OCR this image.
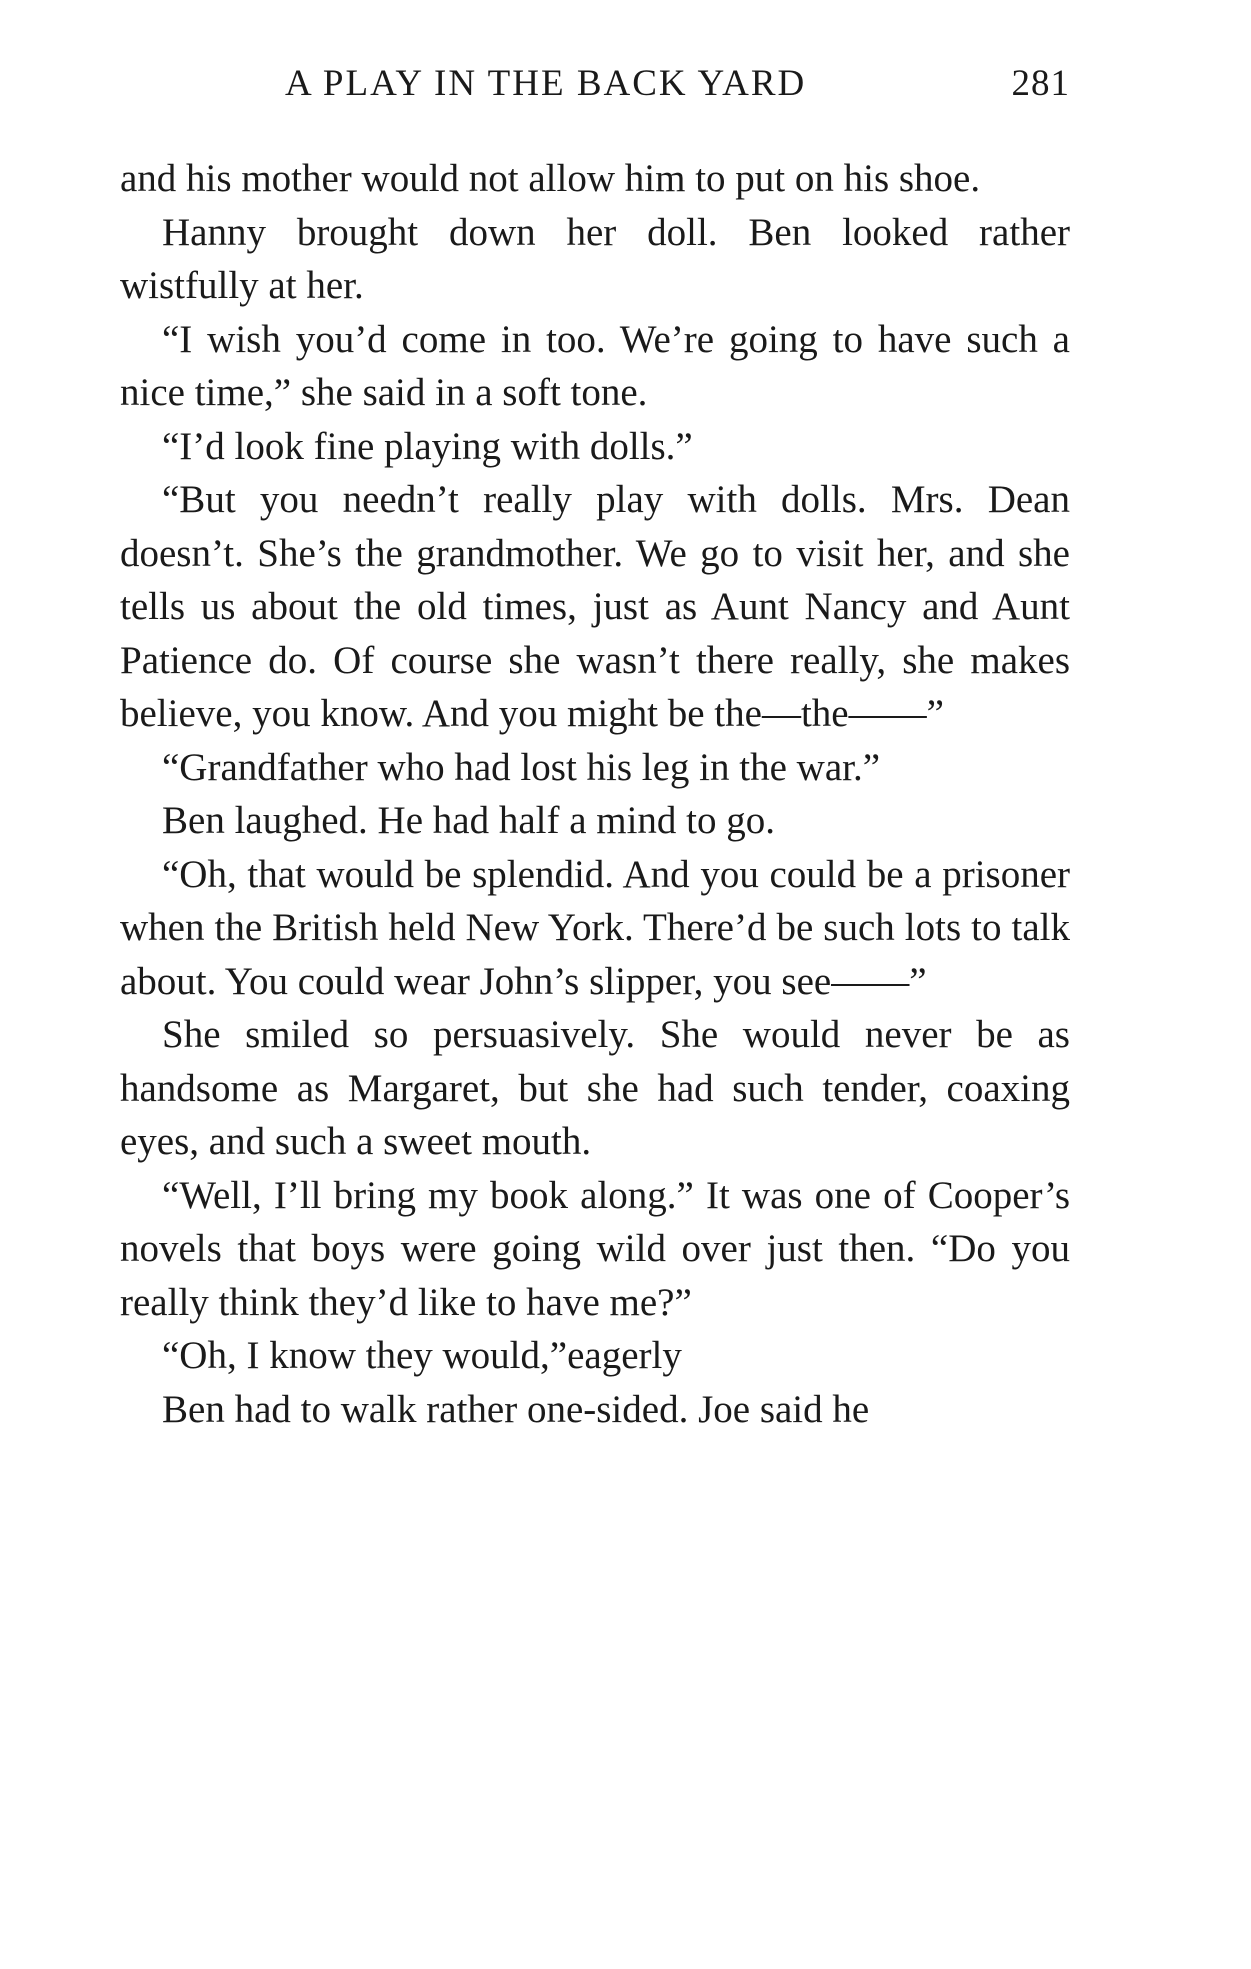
A PLAY IN THE BACK YARD	281

and his mother would not allow him to put on his shoe.

Hanny brought down her doll. Ben looked rather wistfully at her.

“I wish you’d come in too. We’re going to have such a nice time,” she said in a soft tone.

“I’d look fine playing with dolls.”

“But you needn’t really play with dolls. Mrs. Dean doesn’t. She’s the grandmother. We go to visit her, and she tells us about the old times, just as Aunt Nancy and Aunt Patience do. Of course she wasn’t there really, she makes believe, you know. And you might be the—the——”

“Grandfather who had lost his leg in the war.”

Ben laughed. He had half a mind to go.

“Oh, that would be splendid. And you could be a prisoner when the British held New York. There’d be such lots to talk about. You could wear John’s slipper, you see——”

She smiled so persuasively. She would never be as handsome as Margaret, but she had such tender, coaxing eyes, and such a sweet mouth.

“Well, I’ll bring my book along.” It was one of Cooper’s novels that boys were going wild over just then. “Do you really think they’d like to have me?”

“Oh, I know they would,”eagerly

Ben had to walk rather one-sided. Joe said he
